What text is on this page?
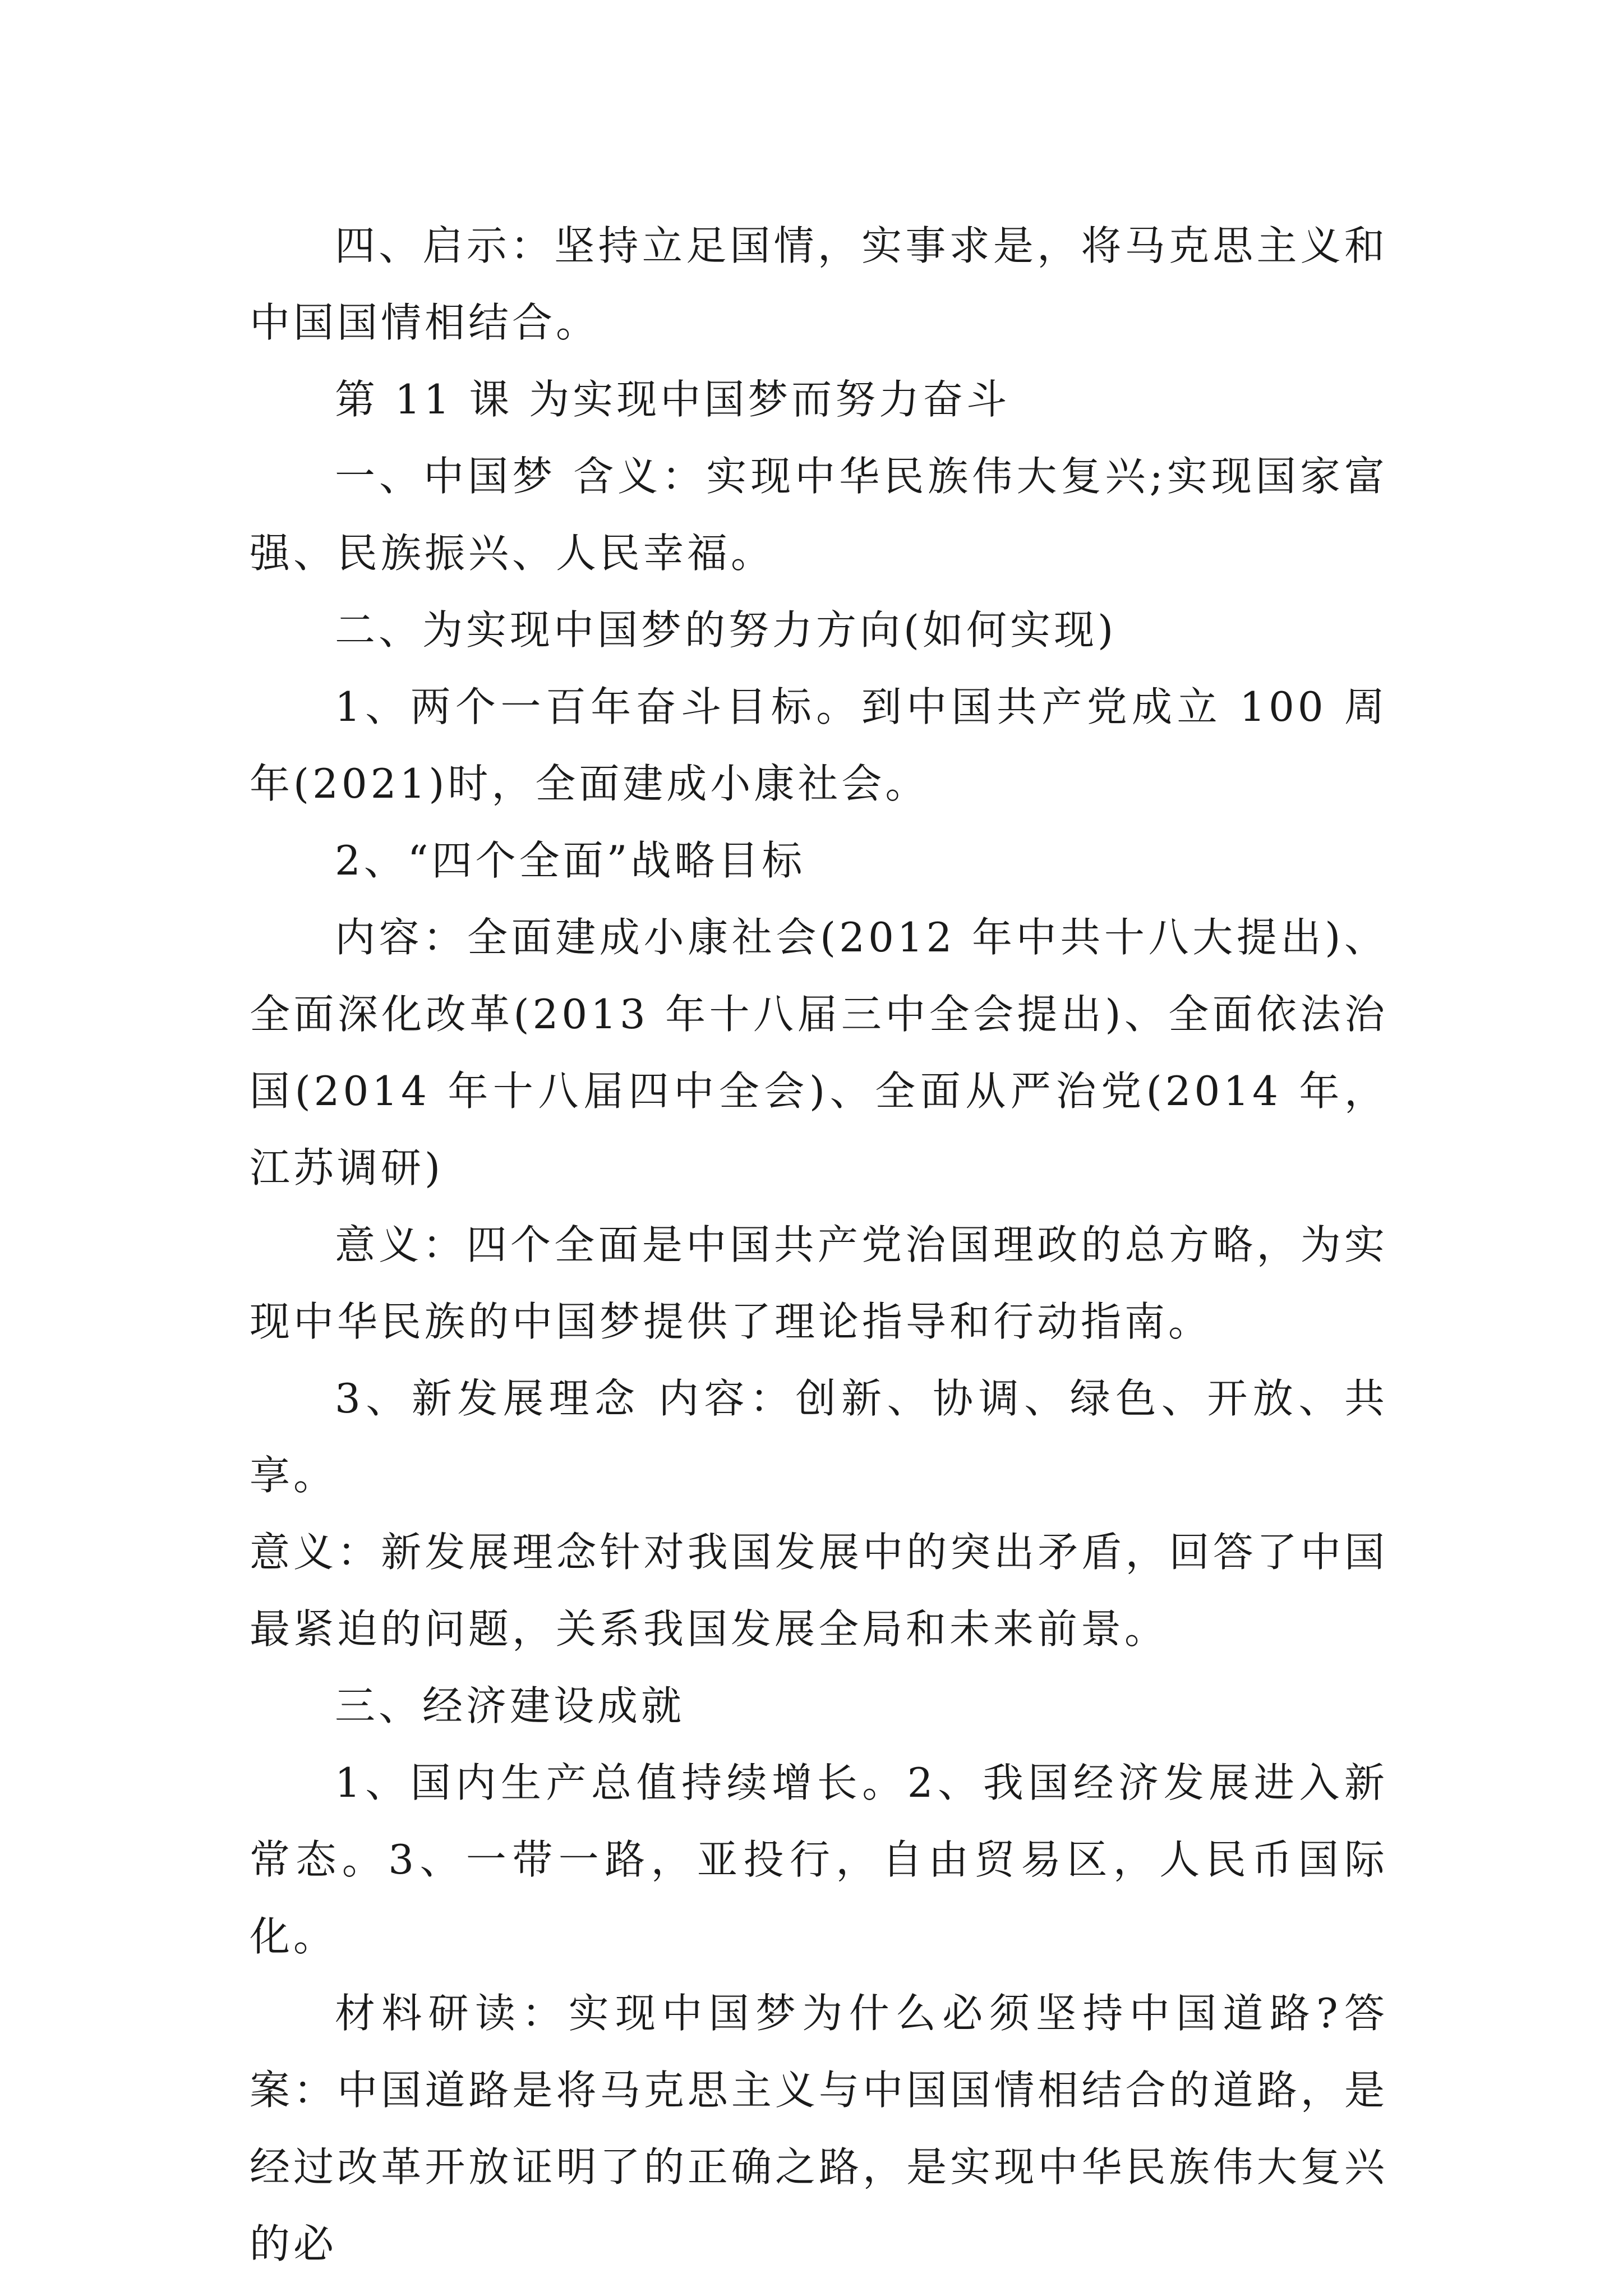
四、启示：坚持立足国情，实事求是，将马克思主义和中国国情相结合。

第 11 课 为实现中国梦而努力奋斗

一、中国梦 含义：实现中华民族伟大复兴;实现国家富强、民族振兴、人民幸福。

二、为实现中国梦的努力方向(如何实现)

1、两个一百年奋斗目标。到中国共产党成立 100 周年(2021)时，全面建成小康社会。

2、“四个全面”战略目标

内容：全面建成小康社会(2012 年中共十八大提出)、全面深化改革(2013 年十八届三中全会提出)、全面依法治国(2014 年十八届四中全会)、全面从严治党(2014 年，江苏调研)

意义：四个全面是中国共产党治国理政的总方略，为实现中华民族的中国梦提供了理论指导和行动指南。

3、新发展理念 内容：创新、协调、绿色、开放、共享。

意义：新发展理念针对我国发展中的突出矛盾，回答了中国最紧迫的问题，关系我国发展全局和未来前景。

三、经济建设成就

1、国内生产总值持续增长。2、我国经济发展进入新常态。3、一带一路，亚投行，自由贸易区，人民币国际化。

材料研读：实现中国梦为什么必须坚持中国道路?答案：中国道路是将马克思主义与中国国情相结合的道路，是经过改革开放证明了的正确之路，是实现中华民族伟大复兴的必
